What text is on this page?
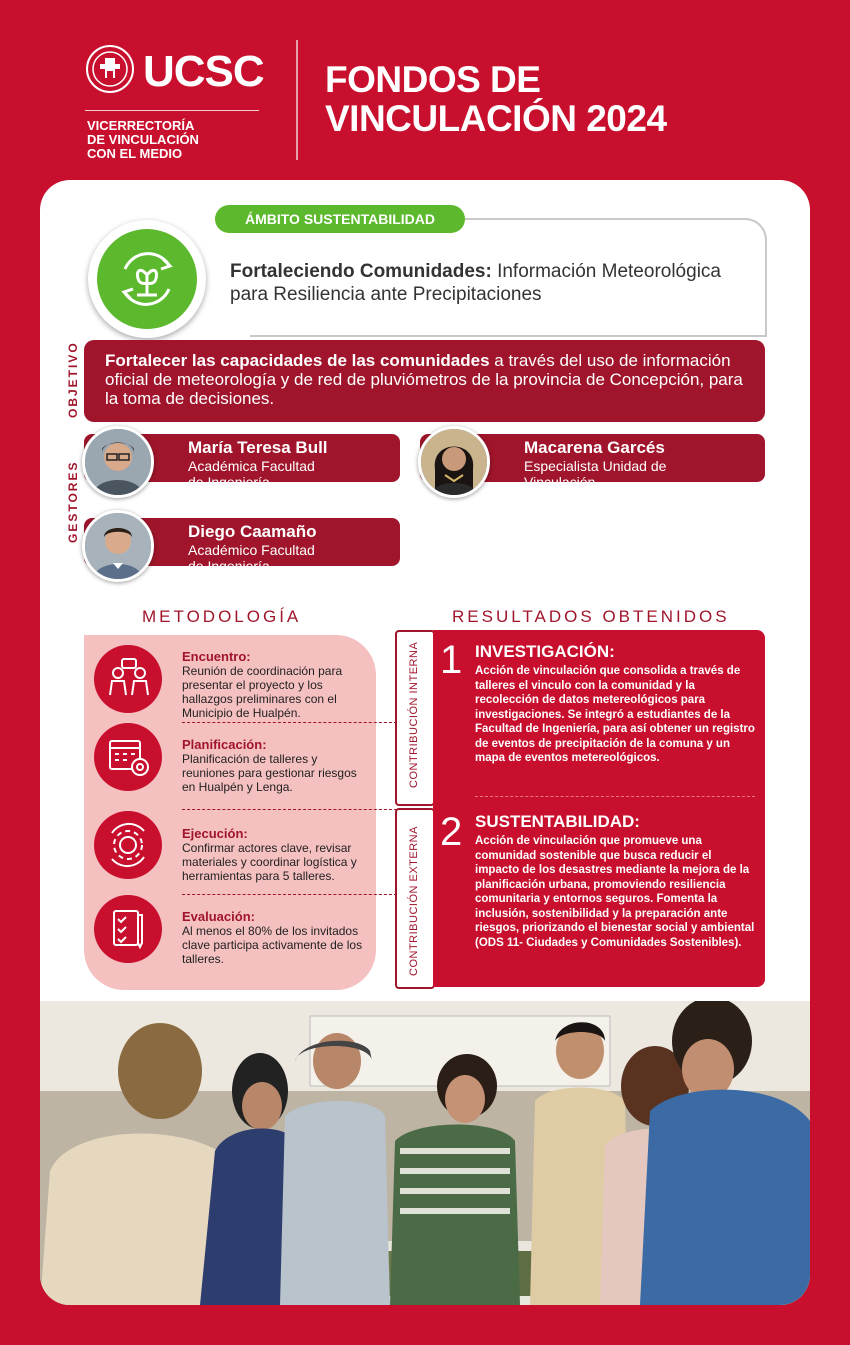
UCSC
VICERRECTORÍA
DE VINCULACIÓN
CON EL MEDIO
FONDOS DE
VINCULACIÓN 2024
ÁMBITO SUSTENTABILIDAD
Fortaleciendo Comunidades: Información Meteorológica para Resiliencia ante Precipitaciones
OBJETIVO	Fortalecer las capacidades de las comunidades a través del uso de información oficial de meteorología y de red de pluviómetros de la provincia de Concepción, para la toma de decisiones.
GESTORES
María Teresa Bull
Académica Facultad
de Ingeniería
Macarena Garcés
Especialista Unidad de
Vinculación
Diego Caamaño
Académico Facultad
de Ingeniería
METODOLOGÍA	RESULTADOS OBTENIDOS
Encuentro:
Reunión de coordinación para presentar el proyecto y los hallazgos preliminares con el Municipio de Hualpén.
Planificación:
Planificación de talleres y reuniones para gestionar riesgos en Hualpén y Lenga.
Ejecución:
Confirmar actores clave, revisar materiales y coordinar logística y herramientas para 5 talleres.
Evaluación:
Al menos el 80% de los invitados clave participa activamente de los talleres.
CONTRIBUCIÓN INTERNA
CONTRIBUCIÓN EXTERNA
1 INVESTIGACIÓN:
Acción de vinculación que consolida a través de talleres el vinculo con la comunidad y la recolección de datos metereológicos para investigaciones. Se integró a estudiantes de la Facultad de Ingeniería, para así obtener un registro de eventos de precipitación de la comuna y un mapa de eventos metereológicos.
2 SUSTENTABILIDAD:
Acción de vinculación que promueve una comunidad sostenible que busca reducir el impacto de los desastres mediante la mejora de la planificación urbana, promoviendo resiliencia comunitaria y entornos seguros. Fomenta la inclusión, sostenibilidad y la preparación ante riesgos, priorizando el bienestar social y ambiental (ODS 11- Ciudades y Comunidades Sostenibles).
